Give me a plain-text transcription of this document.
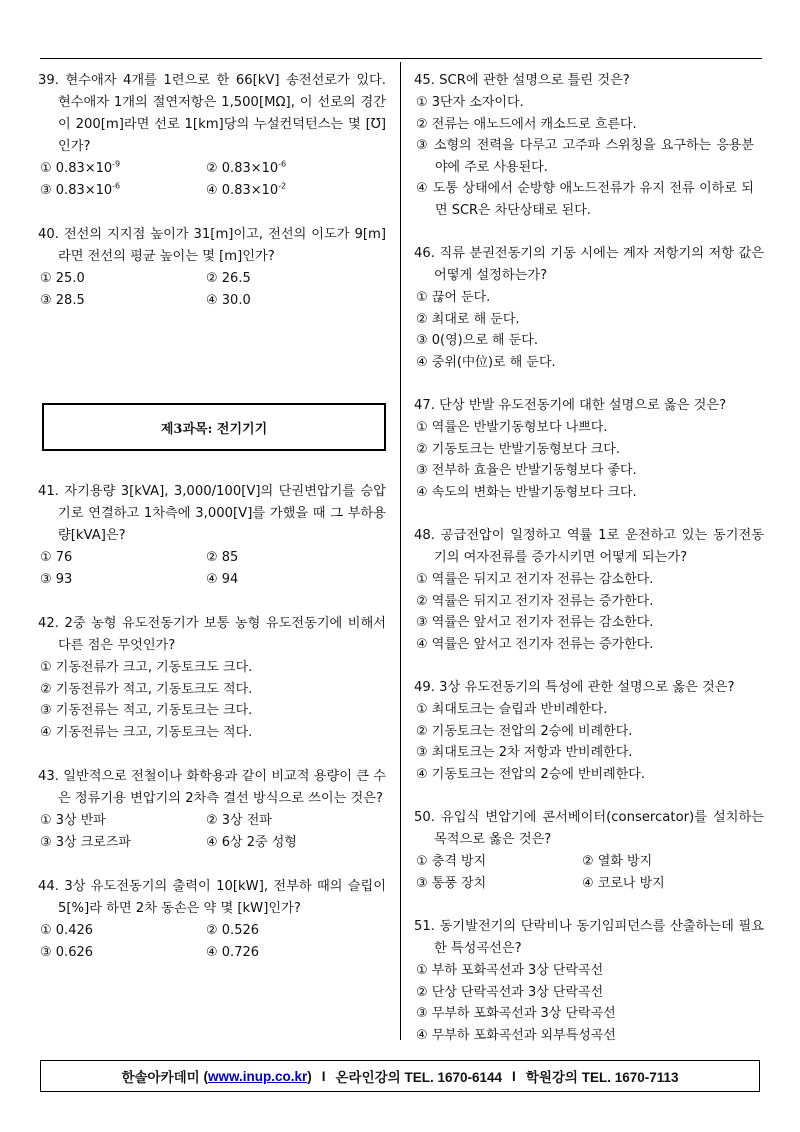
39. 현수애자 4개를 1련으로 한 66[kV] 송전선로가 있다. 현수애자 1개의 절연저항은 1,500[MΩ], 이 선로의 경간이 200[m]라면 선로 1[km]당의 누설컨덕턴스는 몇 [Ʊ]인가?

① $0.83\times 10^{-9}$	② $0.83\times 10^{-6}$
③ $0.83\times 10^{-6}$	④ $0.83\times 10^{-2}$

40. 전선의 지지점 높이가 31[m]이고, 전선의 이도가 9[m]라면 전선의 평균 높이는 몇 [m]인가?

① 25.0	② 26.5
③ 28.5	④ 30.0
제3과목: 전기기기

41. 자기용량 3[kVA], 3,000/100[V]의 단권변압기를 승압기로 연결하고 1차측에 3,000[V]를 가했을 때 그 부하용량[kVA]은?

① 76	② 85
③ 93	④ 94

42. 2중 농형 유도전동기가 보통 농형 유도전동기에 비해서 다른 점은 무엇인가?

① 기동전류가 크고, 기동토크도 크다.

② 기동전류가 적고, 기동토크도 적다.

③ 기동전류는 적고, 기동토크는 크다.

④ 기동전류는 크고, 기동토크는 적다.

43. 일반적으로 전철이나 화학용과 같이 비교적 용량이 큰 수은 정류기용 변압기의 2차측 결선 방식으로 쓰이는 것은?

① 3상 반파	② 3상 전파
③ 3상 크로즈파	④ 6상 2중 성형

44. 3상 유도전동기의 출력이 10[kW], 전부하 때의 슬립이 5[%]라 하면 2차 동손은 약 몇 [kW]인가?

① 0.426	② 0.526
③ 0.626	④ 0.726

45. SCR에 관한 설명으로 틀린 것은?

① 3단자 소자이다.

② 전류는 애노드에서 캐소드로 흐른다.

③ 소형의 전력을 다루고 고주파 스위칭을 요구하는 응용분야에 주로 사용된다.

④ 도통 상태에서 순방향 애노드전류가 유지 전류 이하로 되면 SCR은 차단상태로 된다.

46. 직류 분권전동기의 기동 시에는 계자 저항기의 저항 값은 어떻게 설정하는가?

① 끊어 둔다.

② 최대로 해 둔다.

③ 0(영)으로 해 둔다.

④ 중위(中位)로 해 둔다.

47. 단상 반발 유도전동기에 대한 설명으로 옳은 것은?

① 역률은 반발기동형보다 나쁘다.

② 기동토크는 반발기동형보다 크다.

③ 전부하 효율은 반발기동형보다 좋다.

④ 속도의 변화는 반발기동형보다 크다.

48. 공급전압이 일정하고 역률 1로 운전하고 있는 동기전동기의 여자전류를 증가시키면 어떻게 되는가?

① 역률은 뒤지고 전기자 전류는 감소한다.

② 역률은 뒤지고 전기자 전류는 증가한다.

③ 역률은 앞서고 전기자 전류는 감소한다.

④ 역률은 앞서고 전기자 전류는 증가한다.

49. 3상 유도전동기의 특성에 관한 설명으로 옳은 것은?

① 최대토크는 슬립과 반비례한다.

② 기동토크는 전압의 2승에 비례한다.

③ 최대토크는 2차 저항과 반비례한다.

④ 기동토크는 전압의 2승에 반비례한다.

50. 유입식 변압기에 콘서베이터(consercator)를 설치하는 목적으로 옳은 것은?

① 충격 방지	② 열화 방지
③ 통풍 장치	④ 코로나 방지

51. 동기발전기의 단락비나 동기임피던스를 산출하는데 필요한 특성곡선은?

① 부하 포화곡선과 3상 단락곡선

② 단상 단락곡선과 3상 단락곡선

③ 무부하 포화곡선과 3상 단락곡선

④ 무부하 포화곡선과 외부특성곡선

한솔아카데미 ( www.inup.co.kr ) I 온라인강의 TEL. 1670-6144 I 학원강의 TEL. 1670-7113
